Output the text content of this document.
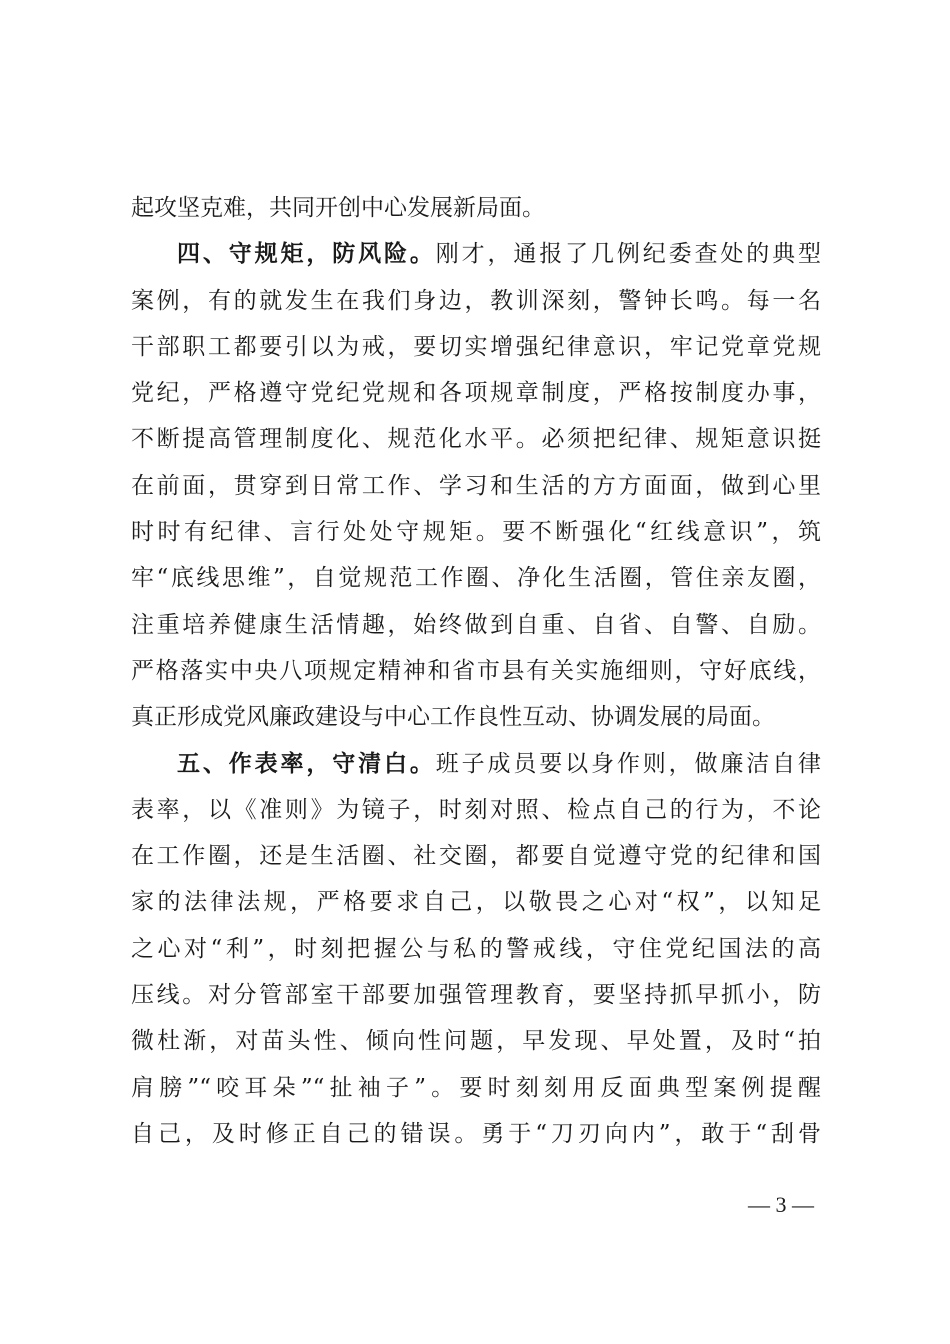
起攻坚克难，共同开创中心发展新局面。
四、守规矩，防风险。刚才，通报了几例纪委查处的典型
案例，有的就发生在我们身边，教训深刻，警钟长鸣。每一名
干部职工都要引以为戒，要切实增强纪律意识，牢记党章党规
党纪，严格遵守党纪党规和各项规章制度，严格按制度办事，
不断提高管理制度化、规范化水平。必须把纪律、规矩意识挺
在前面，贯穿到日常工作、学习和生活的方方面面，做到心里
时时有纪律、言行处处守规矩。要不断强化“红线意识”，筑
牢“底线思维”，自觉规范工作圈、净化生活圈，管住亲友圈，
注重培养健康生活情趣，始终做到自重、自省、自警、自励。
严格落实中央八项规定精神和省市县有关实施细则，守好底线，
真正形成党风廉政建设与中心工作良性互动、协调发展的局面。
五、作表率，守清白。班子成员要以身作则，做廉洁自律
表率，以《准则》为镜子，时刻对照、检点自己的行为，不论
在工作圈，还是生活圈、社交圈，都要自觉遵守党的纪律和国
家的法律法规，严格要求自己，以敬畏之心对“权”，以知足
之心对“利”，时刻把握公与私的警戒线，守住党纪国法的高
压线。对分管部室干部要加强管理教育，要坚持抓早抓小，防
微杜渐，对苗头性、倾向性问题，早发现、早处置，及时“拍
肩膀”“咬耳朵”“扯袖子”。要时刻刻用反面典型案例提醒
自己，及时修正自己的错误。勇于“刀刃向内”，敢于“刮骨
— 3 —
